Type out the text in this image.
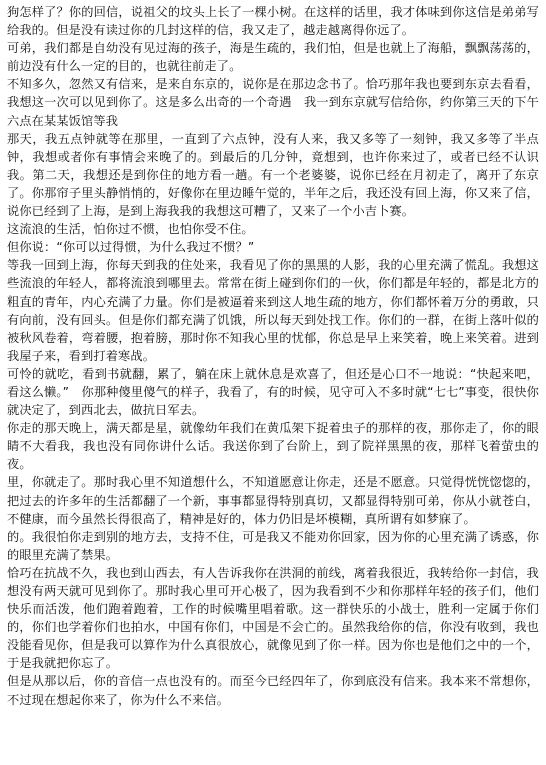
狗怎样了？你的回信，说祖父的坟头上长了一棵小树。在这样的话里，我才体味到你这信是弟弟写给我的。但是没有读过你的几封这样的信，我又走了，越走越离得你远了。

可弟，我们都是自幼没有见过海的孩子，海是生疏的，我们怕，但是也就上了海船，飘飘荡荡的，前边没有什么一定的目的，也就往前走了。

不知多久，忽然又有信来，是来自东京的，说你是在那边念书了。恰巧那年我也要到东京去看看，我想这一次可以见到你了。这是多么出奇的一个奇遇　我一到东京就写信给你，约你第三天的下午六点在某某饭馆等我

那天，我五点钟就等在那里，一直到了六点钟，没有人来，我又多等了一刻钟，我又多等了半点钟，我想或者你有事情会来晚了的。到最后的几分钟，竟想到，也许你来过了，或者已经不认识我。第二天，我想还是到你住的地方看一趟。有一个老婆婆，说你已经在月初走了，离开了东京了。你那帘子里头静悄悄的，好像你在里边睡午觉的，半年之后，我还没有回上海，你又来了信，说你已经到了上海，是到上海我我的我想这可糟了，又来了一个小吉卜赛。

这流浪的生活，怕你过不惯，也怕你受不住。

但你说：“你可以过得惯，为什么我过不惯？”

等我一回到上海，你每天到我的住处来，我看见了你的黑黑的人影，我的心里充满了慌乱。我想这些流浪的年轻人，都将流浪到哪里去。常常在街上碰到你们的一伙，你们都是年轻的，都是北方的粗直的青年，内心充满了力量。你们是被逼着来到这人地生疏的地方，你们都怀着万分的勇敢，只有向前，没有回头。但是你们都充满了饥饿，所以每天到处找工作。你们的一群，在街上落叶似的被秋风卷着，弯着腰，抱着膀，那时你不知我心里的忧郁，你总是早上来笑着，晚上来笑着。进到我屋子来，看到打着寒战。

可怜的就吃，看到书就翻，累了，躺在床上就休息是欢喜了，但还是心口不一地说：“快起来吧，看这么懒。”　你那种傻里傻气的样子，我看了，有的时候，见守可入不多时就“七七”事变，很快你就决定了，到西北去，做抗日军去。

你走的那天晚上，满天都是星，就像幼年我们在黄瓜架下捉着虫子的那样的夜，那你走了，你的眼睛不大看我，我也没有同你讲什么话。我送你到了台阶上，到了院祥黑黑的夜，那样飞着萤虫的夜。

里，你就走了。那时我心里不知道想什么，不知道愿意让你走，还是不愿意。只觉得恍恍惚惚的，把过去的许多年的生活都翻了一个新，事事都显得特别真切，又都显得特别可弟，你从小就苍白，不健康，而今虽然长得很高了，精神是好的，体力仍旧是坏模糊，真所谓有如梦寐了。

的。我很怕你走到别的地方去，支持不住，可是我又不能劝你回家，因为你的心里充满了诱惑，你的眼里充满了禁果。

恰巧在抗战不久，我也到山西去，有人告诉我你在洪洞的前线，离着我很近，我转给你一封信，我想没有两天就可见到你了。那时我心里可开心极了，因为我看到不少和你那样年轻的孩子们，他们快乐而活泼，他们跑着跑着，工作的时候嘴里唱着歌。这一群快乐的小战士，胜利一定属于你们的，你们也学着你们也拍水，中国有你们，中国是不会亡的。虽然我给你的信，你没有收到，我也没能看见你，但是我可以算作为什么真很放心，就像见到了你一样。因为你也是他们之中的一个，于是我就把你忘了。

但是从那以后，你的音信一点也没有的。而至今已经四年了，你到底没有信来。我本来不常想你，不过现在想起你来了，你为什么不来信。
